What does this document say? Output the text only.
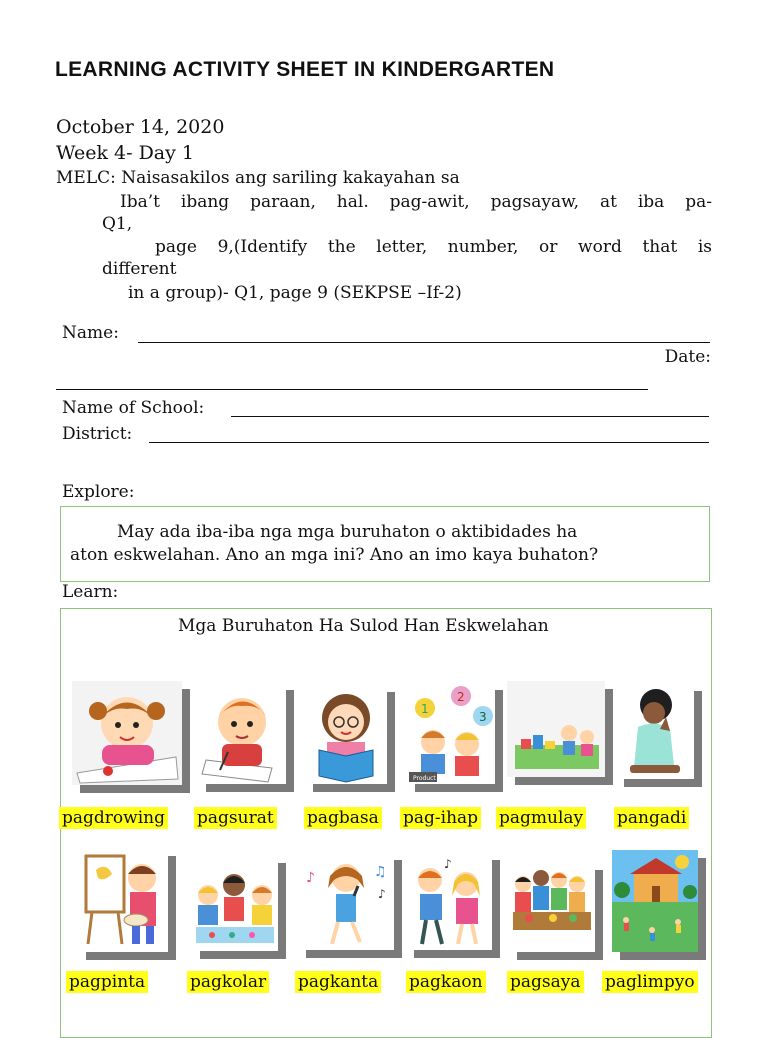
LEARNING ACTIVITY SHEET IN KINDERGARTEN
October 14, 2020
Week 4- Day 1
MELC: Naisasakilos ang sariling kakayahan sa
Iba’t ibang paraan, hal. pag-awit, pagsayaw, at iba pa-
Q1,
page 9,(Identify the letter, number, or word that is
different
in a group)- Q1, page 9 (SEKPSE –If-2)
Name:
Date:
Name of School:
District:
Explore:
May ada iba-iba nga mga buruhaton o aktibidades ha
aton eskwelahan. Ano an mga ini? Ano an imo kaya buhaton?
Learn:
Mga Buruhaton Ha Sulod Han Eskwelahan
1
2
3
Product
pagdrowing pagsurat pagbasa pag-ihap pagmulay pangadi
♪	♫
♪
♪
pagpinta	pagkolar pagkanta pagkaon pagsaya paglimpyo
